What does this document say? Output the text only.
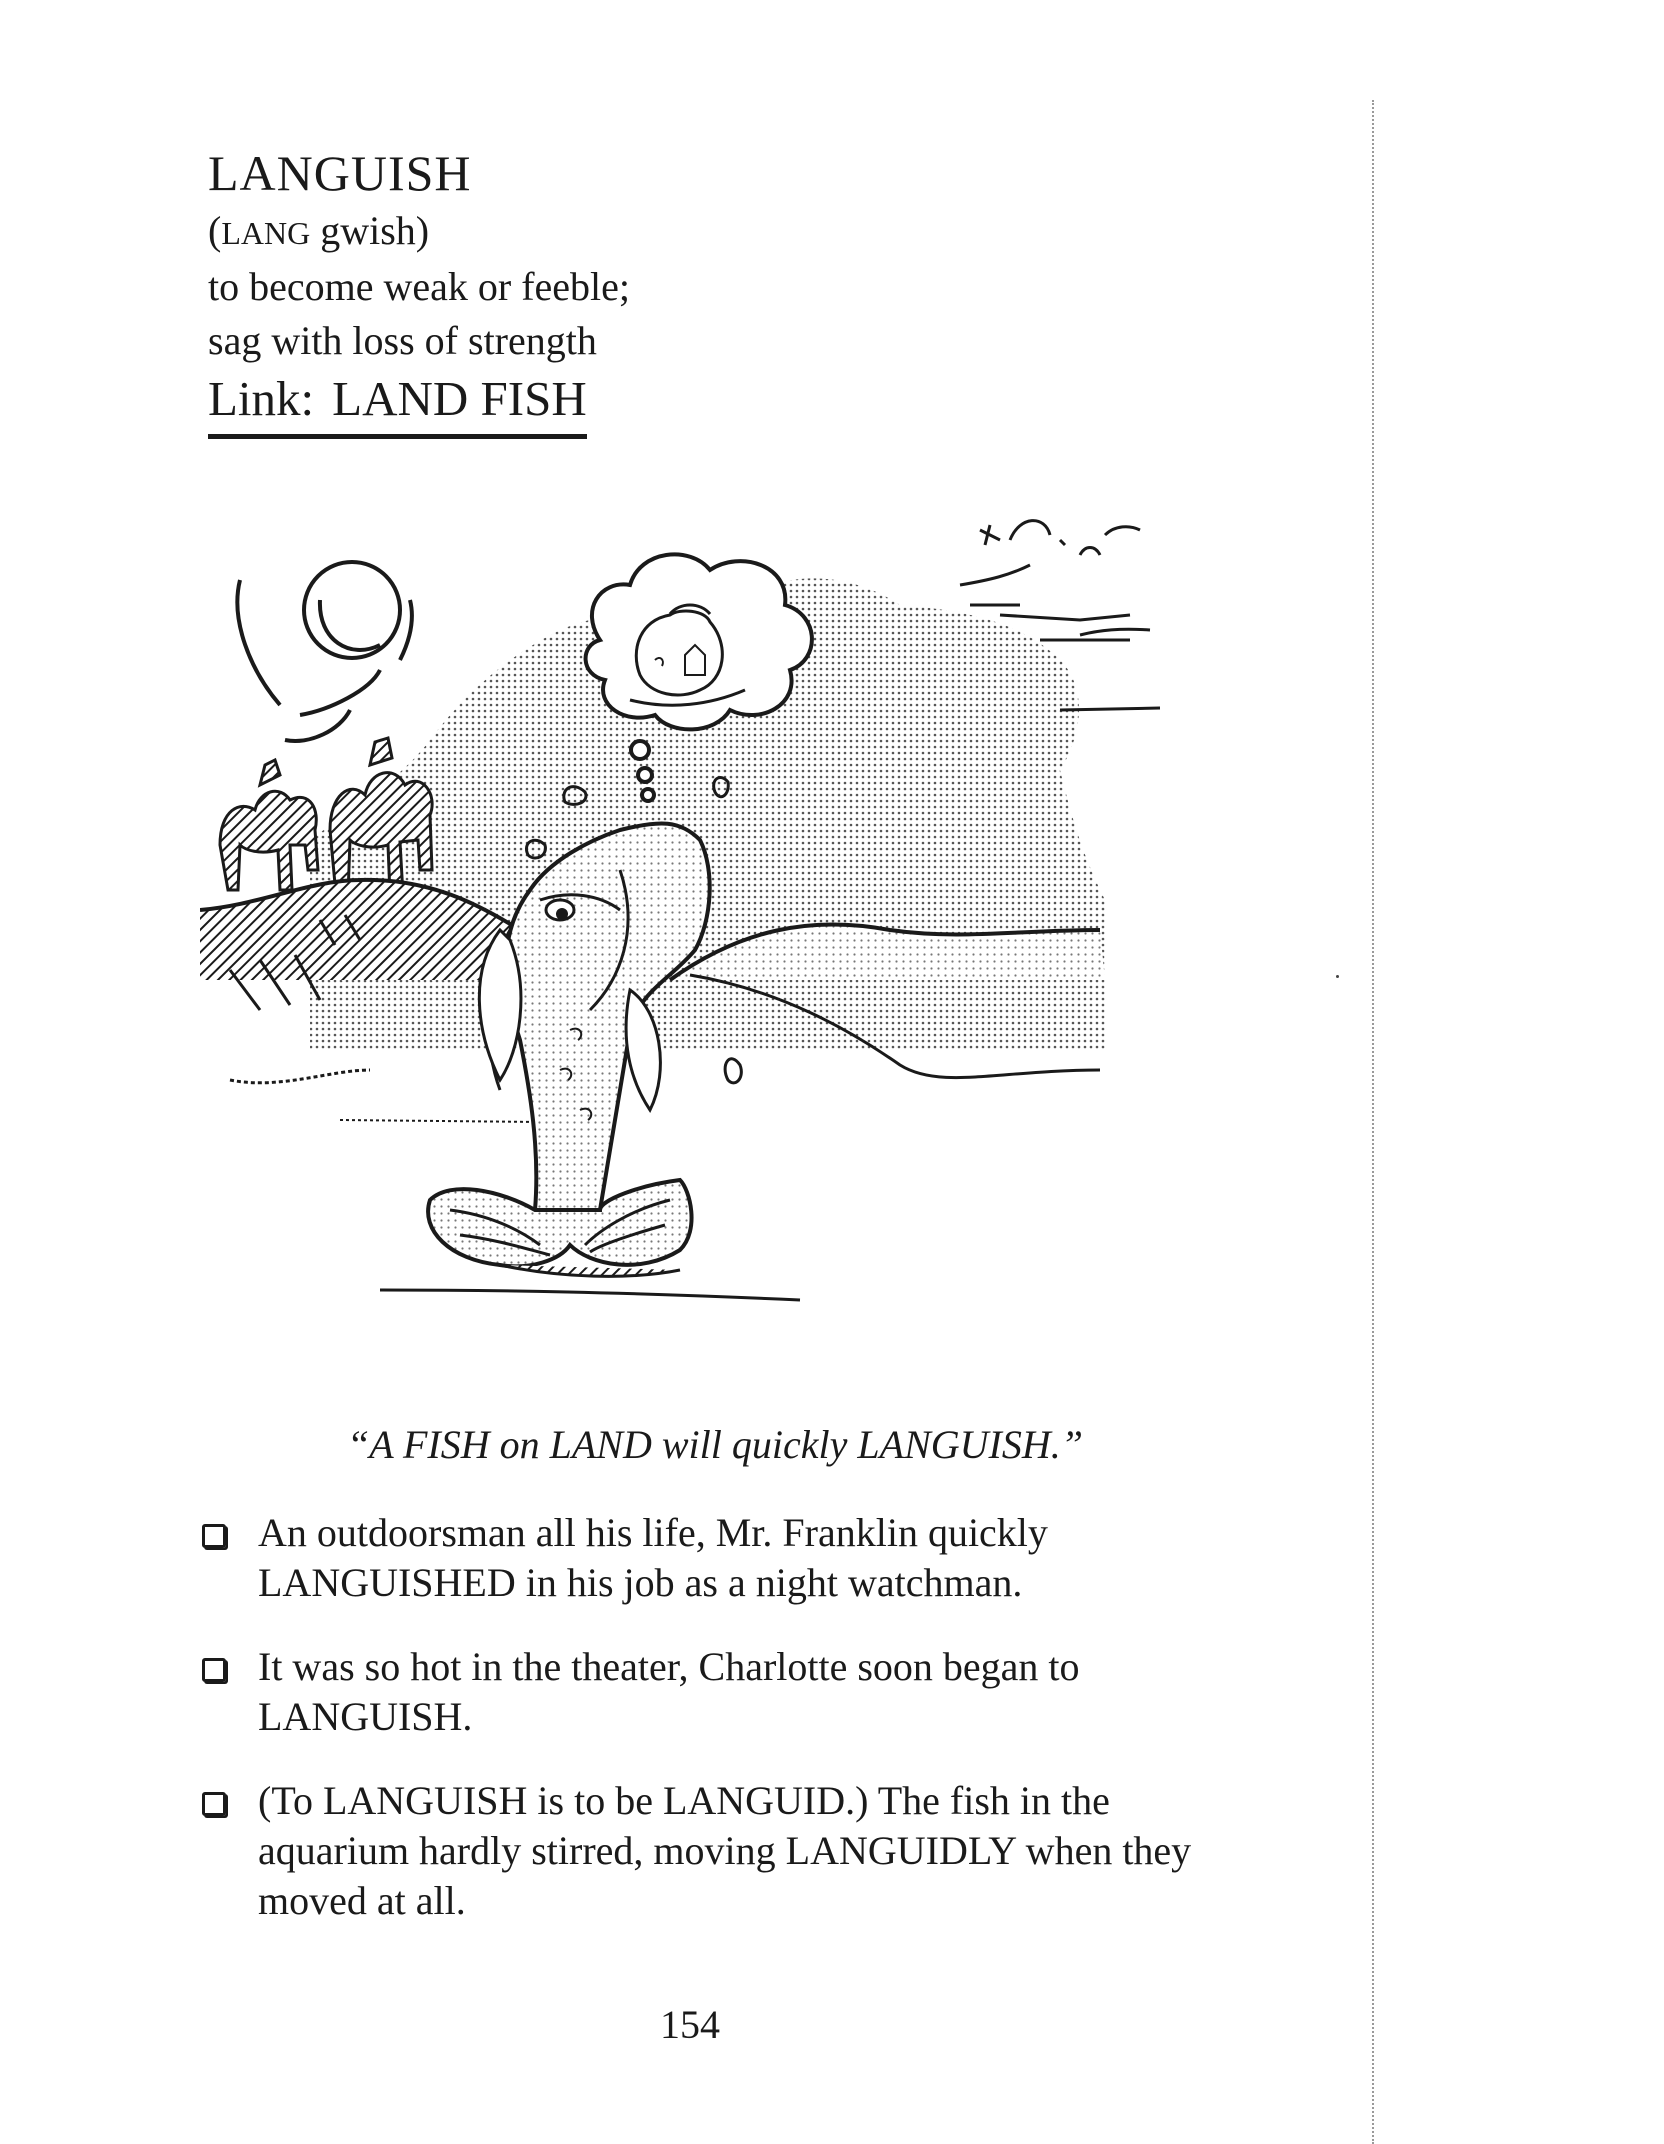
LANGUISH
(LANG gwish)
to become weak or feeble;
sag with loss of strength
Link: LAND FISH
“A FISH on LAND will quickly LANGUISH.”
An outdoorsman all his life, Mr. Franklin quickly LANGUISHED in his job as a night watchman.
It was so hot in the theater, Charlotte soon began to LANGUISH.
(To LANGUISH is to be LANGUID.) The fish in the aquarium hardly stirred, moving LANGUIDLY when they moved at all.
154
